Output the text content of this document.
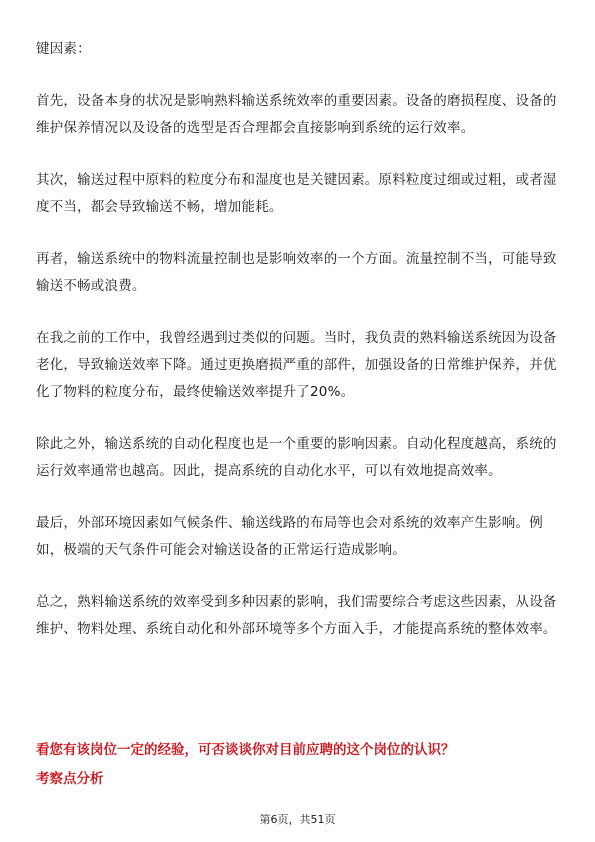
键因素：

首先，设备本身的状况是影响熟料输送系统效率的重要因素。设备的磨损程度、设备的维护保养情况以及设备的选型是否合理都会直接影响到系统的运行效率。

其次，输送过程中原料的粒度分布和湿度也是关键因素。原料粒度过细或过粗，或者湿度不当，都会导致输送不畅，增加能耗。

再者，输送系统中的物料流量控制也是影响效率的一个方面。流量控制不当，可能导致输送不畅或浪费。

在我之前的工作中，我曾经遇到过类似的问题。当时，我负责的熟料输送系统因为设备老化，导致输送效率下降。通过更换磨损严重的部件，加强设备的日常维护保养，并优化了物料的粒度分布，最终使输送效率提升了20%。

除此之外，输送系统的自动化程度也是一个重要的影响因素。自动化程度越高，系统的运行效率通常也越高。因此，提高系统的自动化水平，可以有效地提高效率。

最后，外部环境因素如气候条件、输送线路的布局等也会对系统的效率产生影响。例如，极端的天气条件可能会对输送设备的正常运行造成影响。

总之，熟料输送系统的效率受到多种因素的影响，我们需要综合考虑这些因素，从设备维护、物料处理、系统自动化和外部环境等多个方面入手，才能提高系统的整体效率。

看您有该岗位一定的经验，可否谈谈你对目前应聘的这个岗位的认识？

考察点分析

第6页，共51页
